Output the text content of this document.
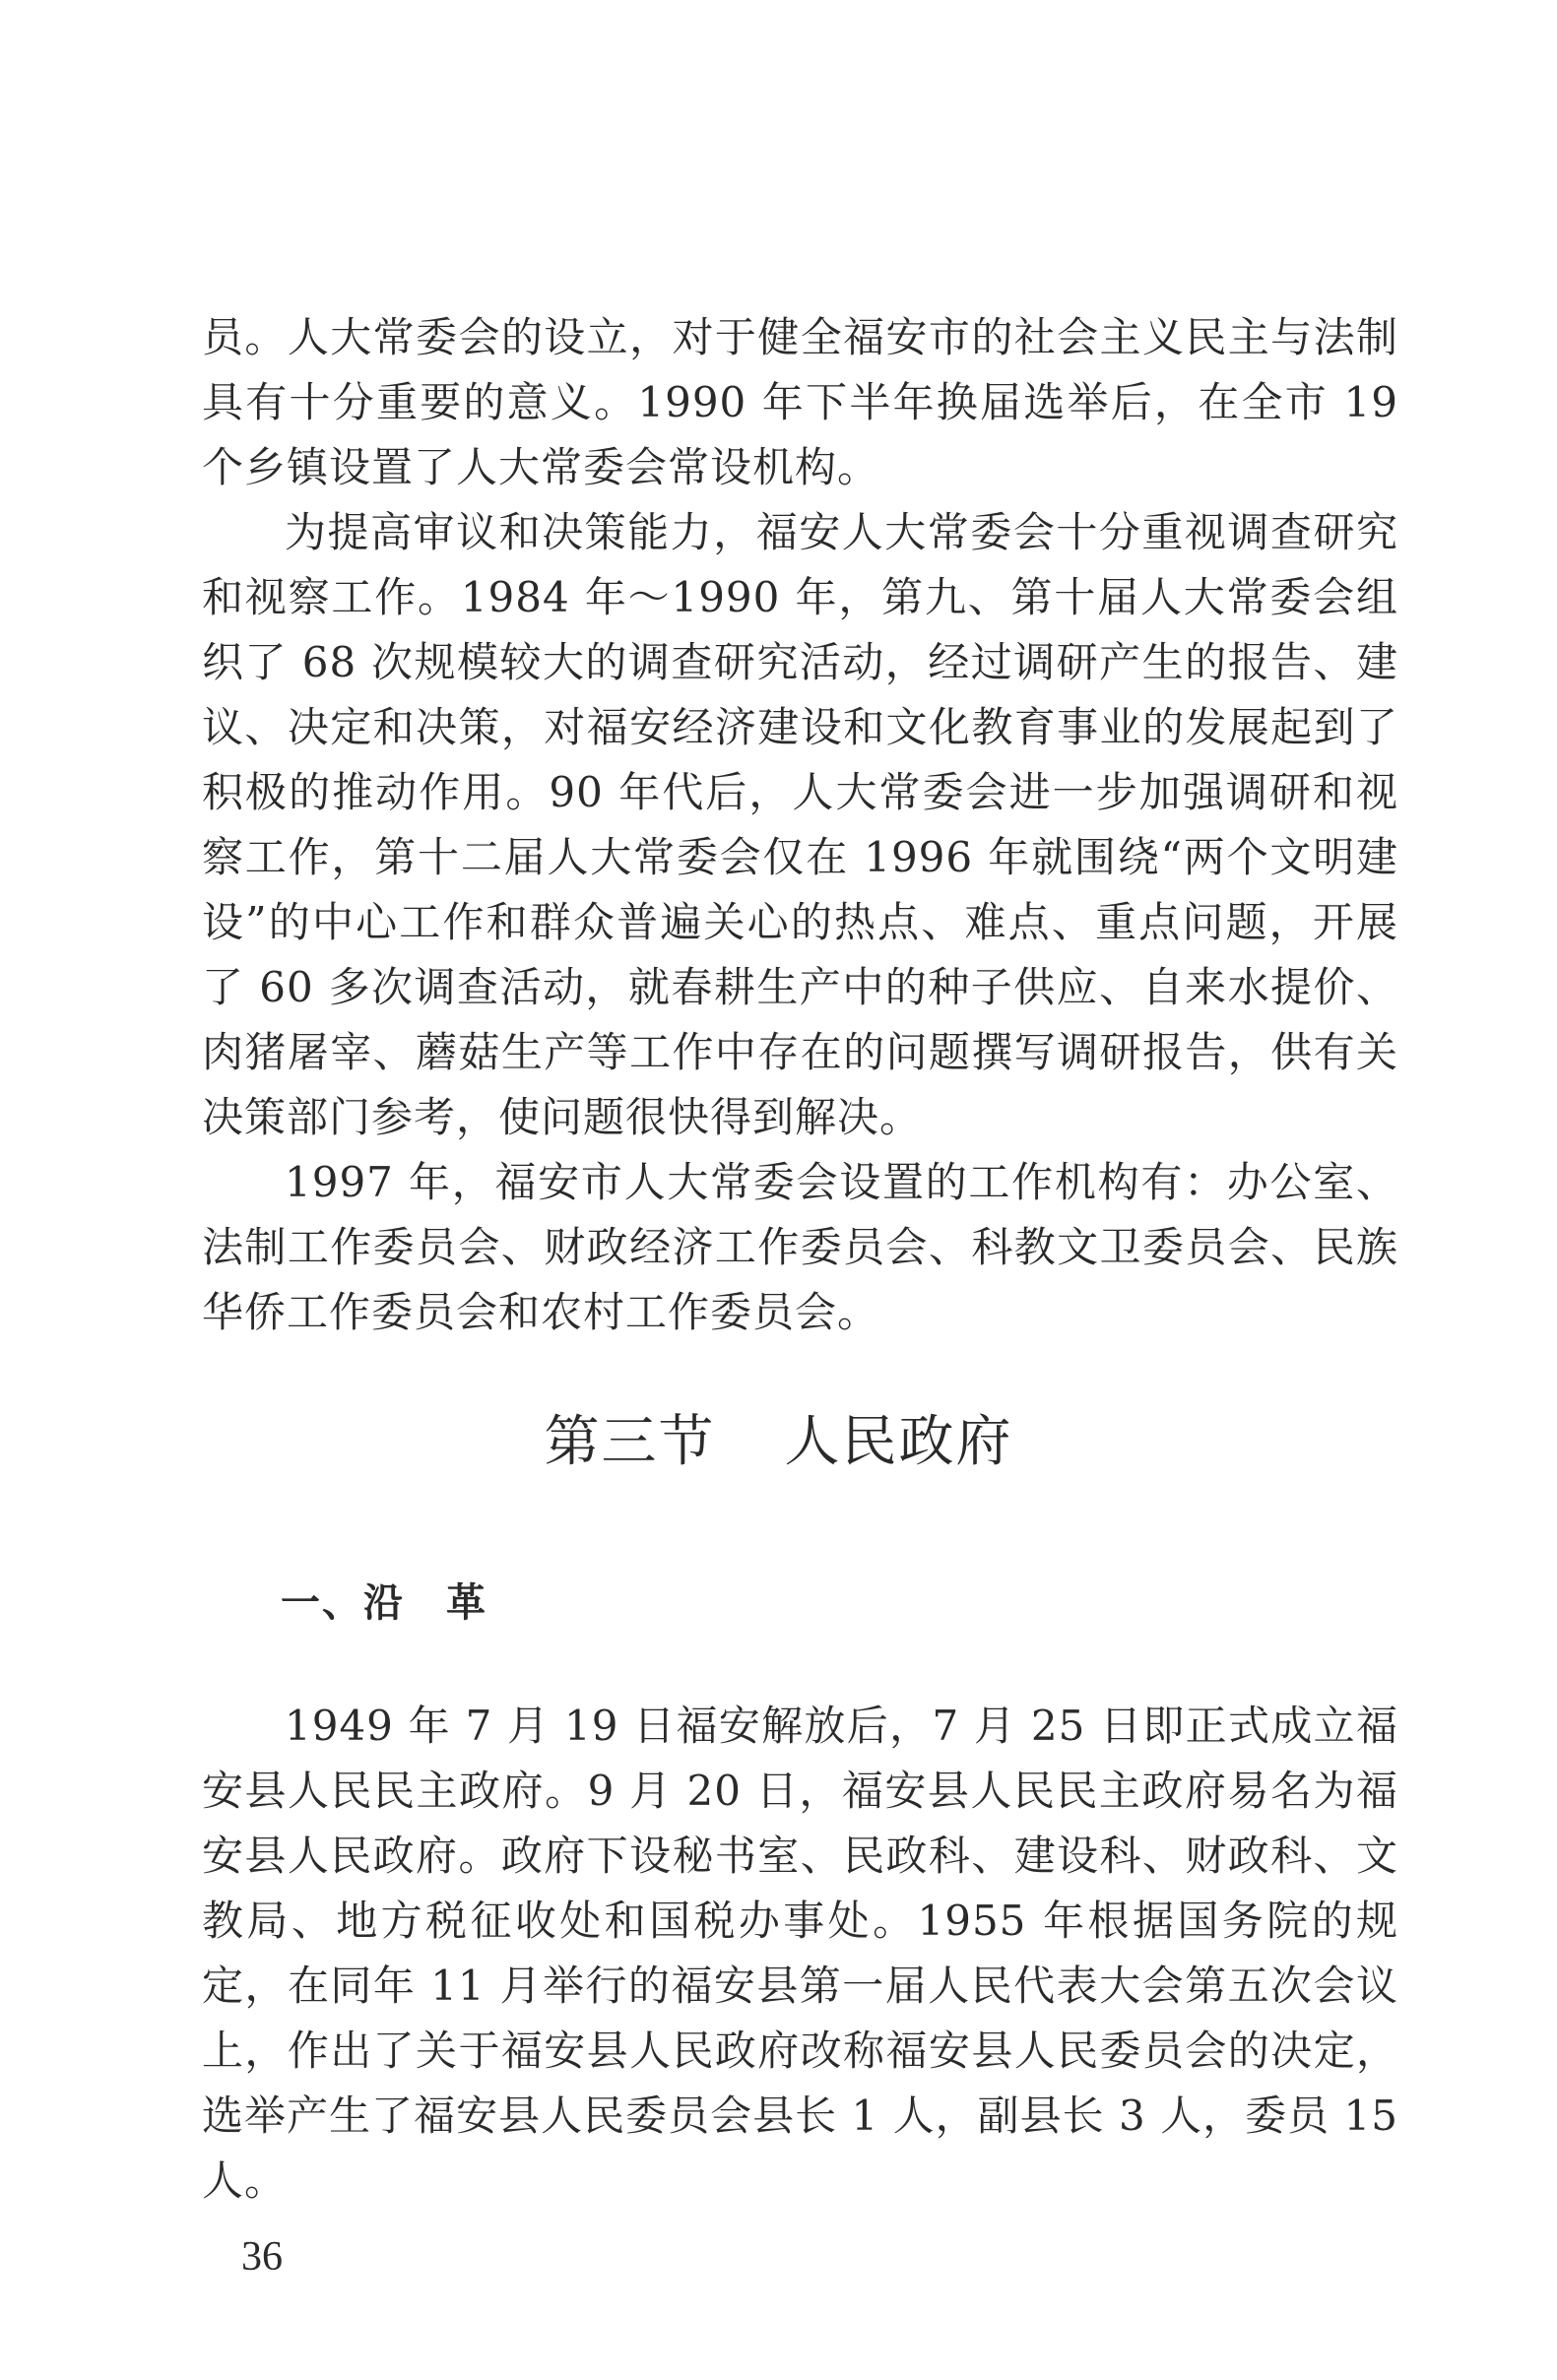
员。人大常委会的设立，对于健全福安市的社会主义民主与法制具有十分重要的意义。1990 年下半年换届选举后，在全市 19 个乡镇设置了人大常委会常设机构。

为提高审议和决策能力，福安人大常委会十分重视调查研究和视察工作。1984 年～1990 年，第九、第十届人大常委会组织了 68 次规模较大的调查研究活动，经过调研产生的报告、建议、决定和决策，对福安经济建设和文化教育事业的发展起到了积极的推动作用。90 年代后，人大常委会进一步加强调研和视察工作，第十二届人大常委会仅在 1996 年就围绕“两个文明建设”的中心工作和群众普遍关心的热点、难点、重点问题，开展了 60 多次调查活动，就春耕生产中的种子供应、自来水提价、肉猪屠宰、蘑菇生产等工作中存在的问题撰写调研报告，供有关决策部门参考，使问题很快得到解决。

1997 年，福安市人大常委会设置的工作机构有：办公室、法制工作委员会、财政经济工作委员会、科教文卫委员会、民族华侨工作委员会和农村工作委员会。

第三节 人民政府
一、沿　革

1949 年 7 月 19 日福安解放后，7 月 25 日即正式成立福安县人民民主政府。9 月 20 日，福安县人民民主政府易名为福安县人民政府。政府下设秘书室、民政科、建设科、财政科、文教局、地方税征收处和国税办事处。1955 年根据国务院的规定，在同年 11 月举行的福安县第一届人民代表大会第五次会议上，作出了关于福安县人民政府改称福安县人民委员会的决定，选举产生了福安县人民委员会县长 1 人，副县长 3 人，委员 15 人。

36
